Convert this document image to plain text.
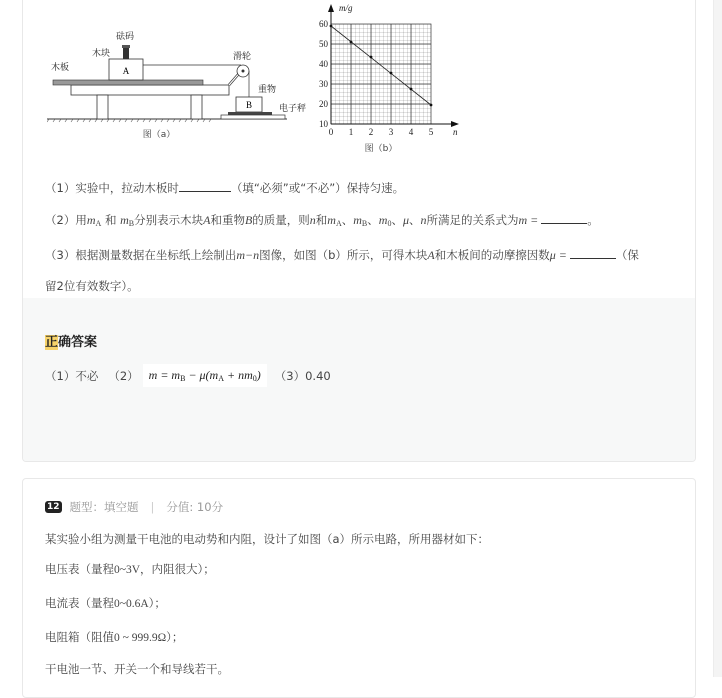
A
B
砝码
木块
木板
滑轮
重物
电子秤
图（a）
60
50
40
30
20
10
0 1 2 3 4 5
m/g
n
图（b）
（1）实验中，拉动木板时	（填“必须”或“不必”）保持匀速。
（2）用$m_A$ 和 $m_B$分别表示木块A和重物B的质量，则n和$m_A$、$m_B$、$m_0$、μ、n所满足的关系式为m =	。
（3）根据测量数据在坐标纸上绘制出m−n图像，如图（b）所示，可得木块A和木板间的动摩擦因数μ =	（保
留2位有效数字）。
正确答案
（1）不必 （2） $m = m_B - \mu(m_A + nm_0)$	（3）0.40
12 题型：填空题 | 分值: 10分
某实验小组为测量干电池的电动势和内阻，设计了如图（a）所示电路，所用器材如下：
电压表（量程0~3V，内阻很大）；
电流表（量程0~0.6A）；
电阻箱（阻值0 ~ 999.9Ω）；
干电池一节、开关一个和导线若干。
